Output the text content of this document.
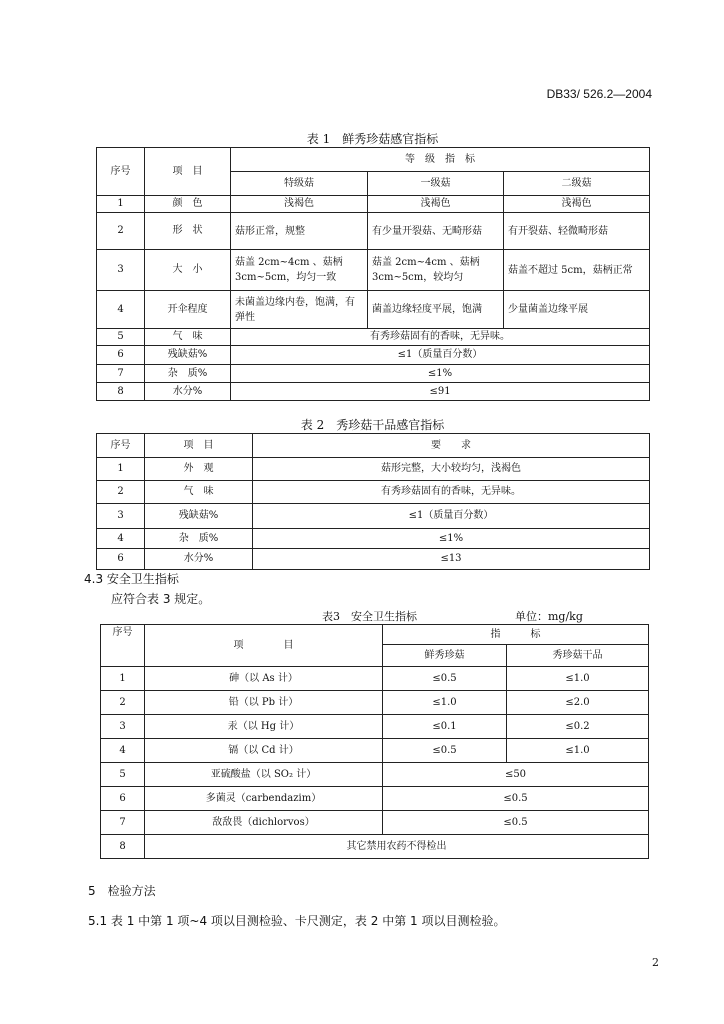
DB33/ 526.2—2004
表 1　鲜秀珍菇感官指标
序号	项　目	等　级　指　标		
		特级菇	一级菇	二级菇
1	颜　色	浅褐色	浅褐色	浅褐色
2	形　状	菇形正常，规整	有少量开裂菇、无畸形菇	有开裂菇、轻微畸形菇
3	大　小	菇盖 2cm~4cm 、菇柄 3cm~5cm，均匀一致	菇盖 2cm~4cm 、菇柄 3cm~5cm，较均匀	菇盖不超过 5cm，菇柄正常
4	开伞程度	未菌盖边缘内卷，饱满，有弹性	菌盖边缘轻度平展，饱满	少量菌盖边缘平展
5	气　味	有秀珍菇固有的香味，无异味。		
6	残缺菇%	≤1（质量百分数）		
7	杂　质%	≤1%		
8	水分%	≤91		
表 2　秀珍菇干品感官指标
序号	项　目	要　　求
1	外　观	菇形完整，大小较均匀，浅褐色
2	气　味	有秀珍菇固有的香味，无异味。
3	残缺菇%	≤1（质量百分数）
4	杂　质%	≤1%
6	水分%	≤13
4.3 安全卫生指标
应符合表 3 规定。
表3　安全卫生指标	单位：mg/kg
序号	项　　　　目	指　　　标	
		鲜秀珍菇	秀珍菇干品
1	砷（以 As 计）	≤0.5	≤1.0
2	铅（以 Pb 计）	≤1.0	≤2.0
3	汞（以 Hg 计）	≤0.1	≤0.2
4	镉（以 Cd 计）	≤0.5	≤1.0
5	亚硫酸盐（以 SO₂ 计）	≤50	
6	多菌灵（carbendazim）	≤0.5	
7	敌敌畏（dichlorvos）	≤0.5	
8	其它禁用农药不得检出		
5　检验方法
5.1 表 1 中第 1 项~4 项以目测检验、卡尺测定，表 2 中第 1 项以目测检验。
2
